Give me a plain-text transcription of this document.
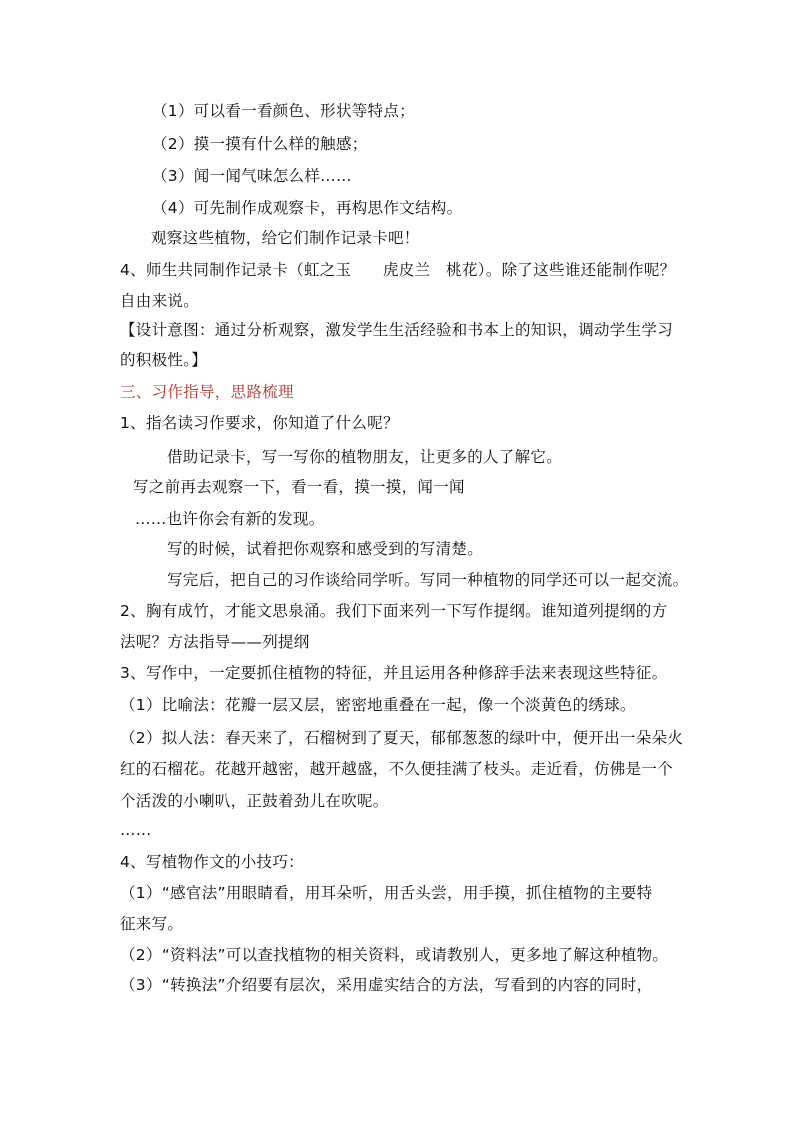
（1）可以看一看颜色、形状等特点；
（2）摸一摸有什么样的触感；
（3）闻一闻气味怎么样……
（4）可先制作成观察卡，再构思作文结构。
观察这些植物，给它们制作记录卡吧！
4、师生共同制作记录卡（虹之玉　　虎皮兰　桃花）。除了这些谁还能制作呢？
自由来说。
【设计意图：通过分析观察，激发学生生活经验和书本上的知识，调动学生学习
的积极性。】
三、习作指导，思路梳理
1、指名读习作要求，你知道了什么呢？
借助记录卡，写一写你的植物朋友，让更多的人了解它。
写之前再去观察一下，看一看，摸一摸，闻一闻
……也许你会有新的发现。
写的时候，试着把你观察和感受到的写清楚。
写完后，把自己的习作谈给同学听。写同一种植物的同学还可以一起交流。
2、胸有成竹，才能文思泉涌。我们下面来列一下写作提纲。谁知道列提纲的方
法呢？方法指导——列提纲
3、写作中，一定要抓住植物的特征，并且运用各种修辞手法来表现这些特征。
（1）比喻法：花瓣一层又层，密密地重叠在一起，像一个淡黄色的绣球。
（2）拟人法：春天来了，石榴树到了夏天，郁郁葱葱的绿叶中，便开出一朵朵火
红的石榴花。花越开越密，越开越盛，不久便挂满了枝头。走近看，仿佛是一个
个活泼的小喇叭，正鼓着劲儿在吹呢。
……
4、写植物作文的小技巧：
（1）“感官法”用眼睛看，用耳朵听，用舌头尝，用手摸，抓住植物的主要特
征来写。
（2）“资料法”可以查找植物的相关资料，或请教别人，更多地了解这种植物。
（3）“转换法”介绍要有层次，采用虚实结合的方法，写看到的内容的同时，
